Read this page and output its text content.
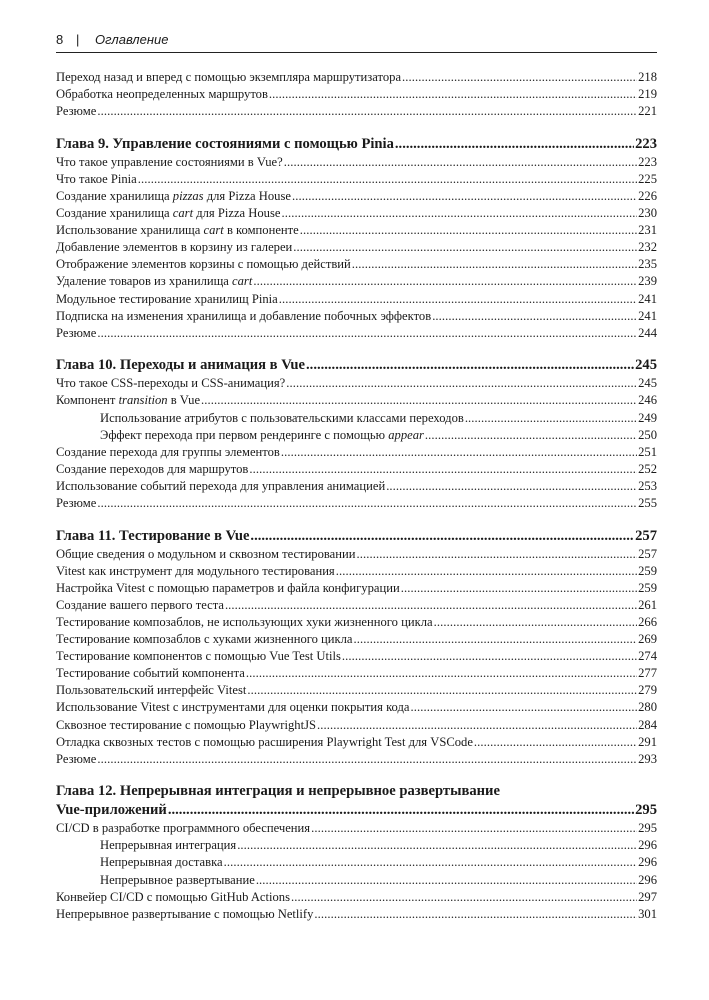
8 | Оглавление
Переход назад и вперед с помощью экземпляра маршрутизатора .....	218
Обработка неопределенных маршрутов .....	219
Резюме .....	221
Глава 9. Управление состояниями с помощью Pinia .....	223
Что такое управление состояниями в Vue? .....	223
Что такое Pinia .....	225
Создание хранилища pizzas для Pizza House .....	226
Создание хранилища cart для Pizza House .....	230
Использование хранилища cart в компоненте .....	231
Добавление элементов в корзину из галереи .....	232
Отображение элементов корзины с помощью действий .....	235
Удаление товаров из хранилища cart .....	239
Модульное тестирование хранилищ Pinia .....	241
Подписка на изменения хранилища и добавление побочных эффектов .....	241
Резюме .....	244
Глава 10. Переходы и анимация в Vue .....	245
Что такое CSS-переходы и CSS-анимация? .....	245
Компонент transition в Vue .....	246
Использование атрибутов с пользовательскими классами переходов .....	249
Эффект перехода при первом рендеринге с помощью appear .....	250
Создание перехода для группы элементов .....	251
Создание переходов для маршрутов .....	252
Использование событий перехода для управления анимацией .....	253
Резюме .....	255
Глава 11. Тестирование в Vue .....	257
Общие сведения о модульном и сквозном тестировании .....	257
Vitest как инструмент для модульного тестирования .....	259
Настройка Vitest с помощью параметров и файла конфигурации .....	259
Создание вашего первого теста .....	261
Тестирование композаблов, не использующих хуки жизненного цикла .....	266
Тестирование композаблов с хуками жизненного цикла .....	269
Тестирование компонентов с помощью Vue Test Utils .....	274
Тестирование событий компонента .....	277
Пользовательский интерфейс Vitest .....	279
Использование Vitest с инструментами для оценки покрытия кода .....	280
Сквозное тестирование с помощью PlaywrightJS .....	284
Отладка сквозных тестов с помощью расширения Playwright Test для VSCode .....	291
Резюме .....	293
Глава 12. Непрерывная интеграция и непрерывное развертывание
Vue-приложений .....	295
CI/CD в разработке программного обеспечения .....	295
Непрерывная интеграция .....	296
Непрерывная доставка .....	296
Непрерывное развертывание .....	296
Конвейер CI/CD с помощью GitHub Actions .....	297
Непрерывное развертывание с помощью Netlify .....	301
